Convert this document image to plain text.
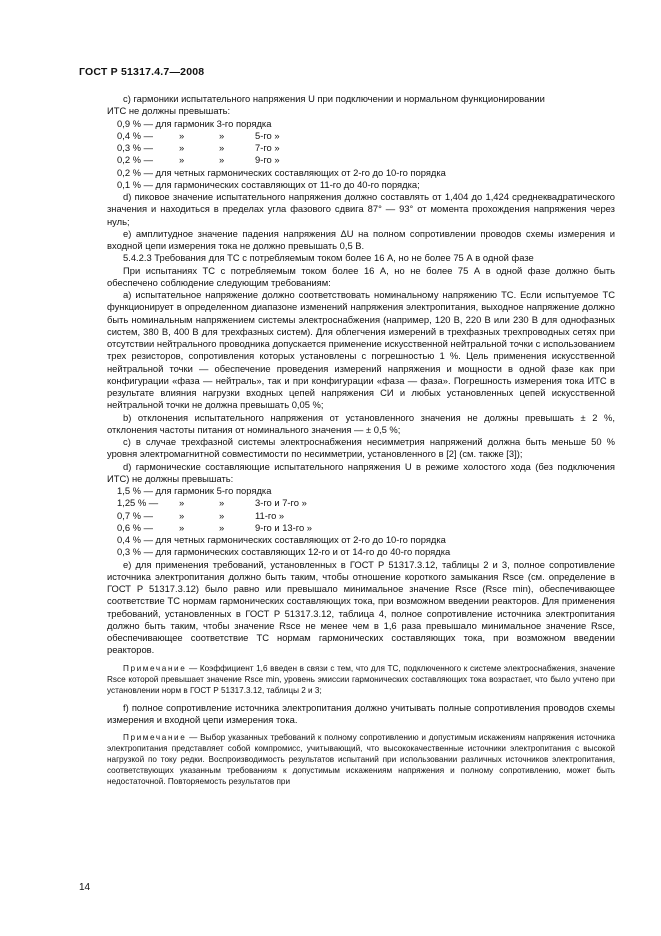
ГОСТ Р 51317.4.7—2008

c) гармоники испытательного напряжения U при подключении и нормальном функционировании

ИТС не должны превышать:

0,9 % — для гармоник 3-го порядка
0,4 % —	»	»	5-го »
0,3 % —	»	»	7-го »
0,2 % —	»	»	9-го »
0,2 % — для четных гармонических составляющих от 2-го до 10-го порядка
0,1 % — для гармонических составляющих от 11-го до 40-го порядка;

d) пиковое значение испытательного напряжения должно составлять от 1,404 до 1,424 среднеквадратического значения и находиться в пределах угла фазового сдвига 87° — 93° от момента прохождения напряжения через нуль;

е) амплитудное значение падения напряжения ΔU на полном сопротивлении проводов схемы измерения и входной цепи измерения тока не должно превышать 0,5 В.

5.4.2.3 Требования для ТС с потребляемым током более 16 А, но не более 75 А в одной фазе

При испытаниях ТС с потребляемым током более 16 А, но не более 75 А в одной фазе должно быть обеспечено соблюдение следующим требованиям:

а) испытательное напряжение должно соответствовать номинальному напряжению ТС. Если испытуемое ТС функционирует в определенном диапазоне изменений напряжения электропитания, выходное напряжение должно быть номинальным напряжением системы электроснабжения (например, 120 В, 220 В или 230 В для однофазных систем, 380 В, 400 В для трехфазных систем). Для облегчения измерений в трехфазных трехпроводных сетях при отсутствии нейтрального проводника допускается применение искусственной нейтральной точки с использованием трех резисторов, сопротивления которых установлены с погрешностью 1 %. Цель применения искусственной нейтральной точки — обеспечение проведения измерений напряжения и мощности в одной фазе как при конфигурации «фаза — нейтраль», так и при конфигурации «фаза — фаза». Погрешность измерения тока ИТС в результате влияния нагрузки входных цепей напряжения СИ и любых установленных цепей искусственной нейтральной точки не должна превышать 0,05 %;

b) отклонения испытательного напряжения от установленного значения не должны превышать ± 2 %, отклонения частоты питания от номинального значения — ± 0,5 %;

c) в случае трехфазной системы электроснабжения несимметрия напряжений должна быть меньше 50 % уровня электромагнитной совместимости по несимметрии, установленного в [2] (см. также [3]);

d) гармонические составляющие испытательного напряжения U в режиме холостого хода (без подключения ИТС) не должны превышать:

1,5 % — для гармоник 5-го порядка
1,25 % —	»	»	3-го и 7-го »
0,7 % —	»	»	11-го »
0,6 % —	»	»	9-го и 13-го »
0,4 % — для четных гармонических составляющих от 2-го до 10-го порядка
0,3 % — для гармонических составляющих 12-го и от 14-го до 40-го порядка

е) для применения требований, установленных в ГОСТ Р 51317.3.12, таблицы 2 и 3, полное сопротивление источника электропитания должно быть таким, чтобы отношение короткого замыкания Rsce (см. определение в ГОСТ Р 51317.3.12) было равно или превышало минимальное значение Rsce (Rsce min), обеспечивающее соответствие ТС нормам гармонических составляющих тока, при возможном введении реакторов. Для применения требований, установленных в ГОСТ Р 51317.3.12, таблица 4, полное сопротивление источника электропитания должно быть таким, чтобы значение Rsce не менее чем в 1,6 раза превышало минимальное значение Rsce, обеспечивающее соответствие ТС нормам гармонических составляющих тока, при возможном введении реакторов.

Примечание — Коэффициент 1,6 введен в связи с тем, что для ТС, подключенного к системе электроснабжения, значение Rsce которой превышает значение Rsce min, уровень эмиссии гармонических составляющих тока возрастает, что было учтено при установлении норм в ГОСТ Р 51317.3.12, таблицы 2 и 3;

f) полное сопротивление источника электропитания должно учитывать полные сопротивления проводов схемы измерения и входной цепи измерения тока.

Примечание — Выбор указанных требований к полному сопротивлению и допустимым искажениям напряжения источника электропитания представляет собой компромисс, учитывающий, что высококачественные источники электропитания с высокой нагрузкой по току редки. Воспроизводимость результатов испытаний при использовании различных источников электропитания, соответствующих указанным требованиям к допустимым искажениям напряжения и полному сопротивлению, может быть недостаточной. Повторяемость результатов при

14
